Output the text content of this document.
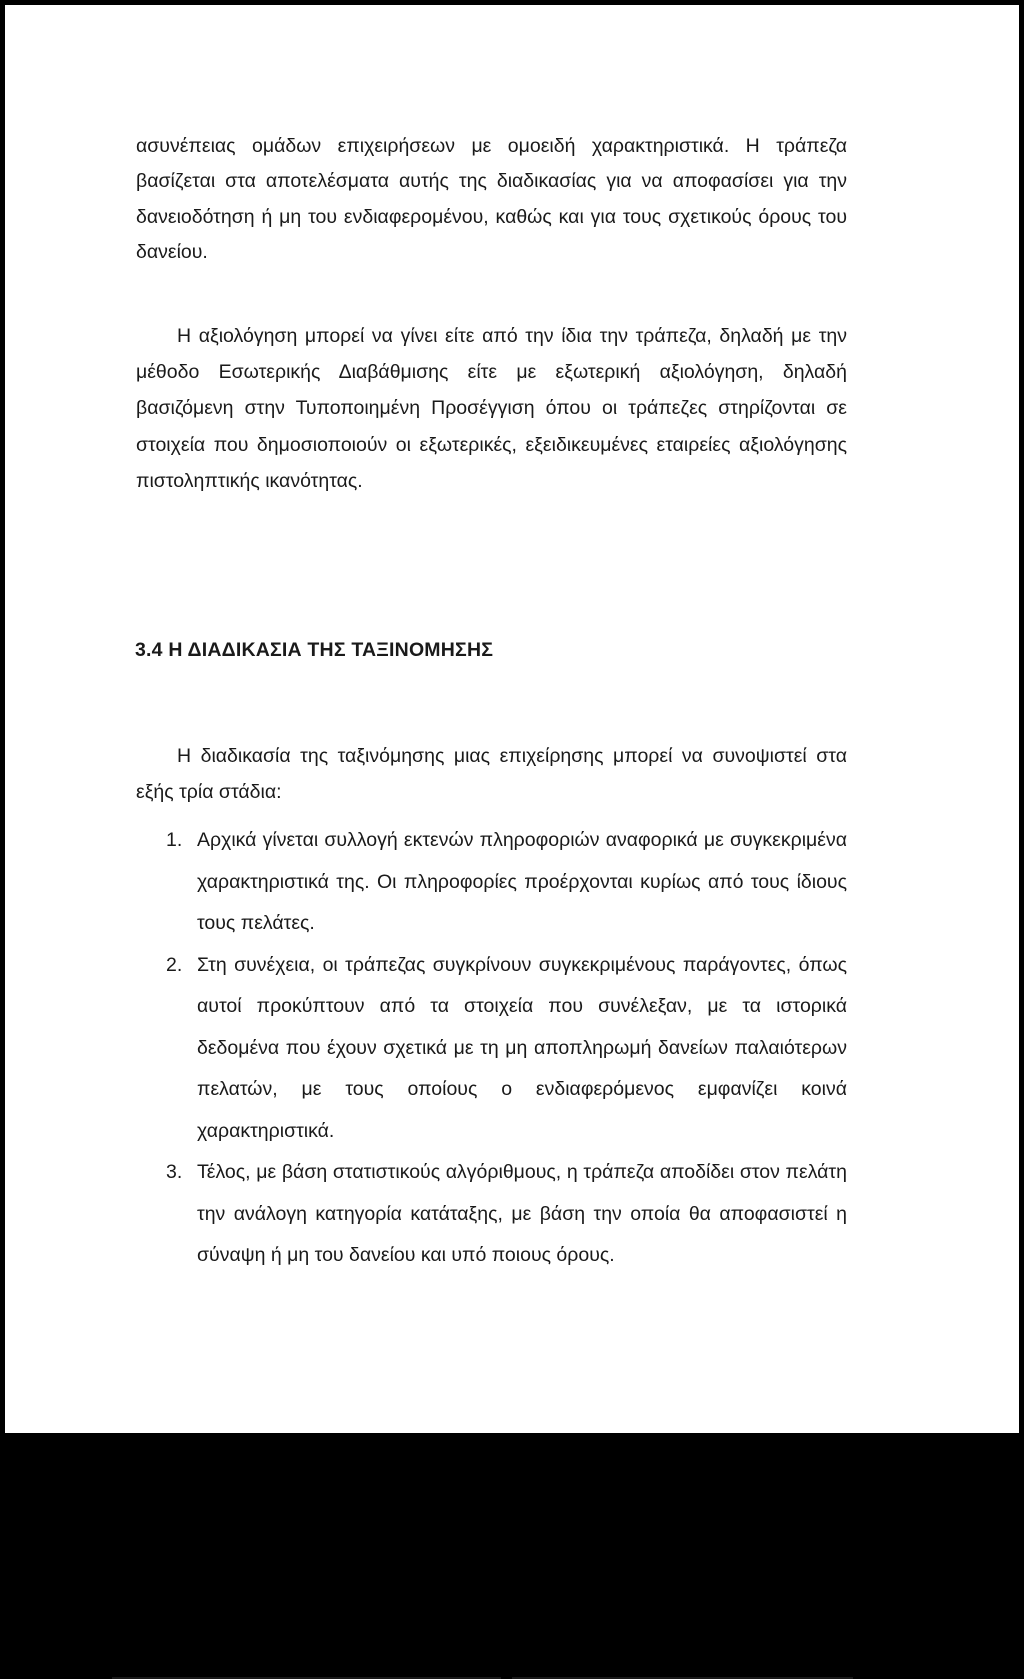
ασυνέπειας ομάδων επιχειρήσεων με ομοειδή χαρακτηριστικά. Η τράπεζα βασίζεται στα αποτελέσματα αυτής της διαδικασίας για να αποφασίσει για την δανειοδότηση ή μη του ενδιαφερομένου, καθώς και για τους σχετικούς όρους του δανείου.

Η αξιολόγηση μπορεί να γίνει είτε από την ίδια την τράπεζα, δηλαδή με την μέθοδο Εσωτερικής Διαβάθμισης είτε με εξωτερική αξιολόγηση, δηλαδή βασιζόμενη στην Τυποποιημένη Προσέγγιση όπου οι τράπεζες στηρίζονται σε στοιχεία που δημοσιοποιούν οι εξωτερικές, εξειδικευμένες εταιρείες αξιολόγησης πιστοληπτικής ικανότητας.

3.4 Η ΔΙΑΔΙΚΑΣΙΑ ΤΗΣ ΤΑΞΙΝΟΜΗΣΗΣ

Η διαδικασία της ταξινόμησης μιας επιχείρησης μπορεί να συνοψιστεί στα εξής τρία στάδια:

1. Αρχικά γίνεται συλλογή εκτενών πληροφοριών αναφορικά με συγκεκριμένα χαρακτηριστικά της. Οι πληροφορίες προέρχονται κυρίως από τους ίδιους τους πελάτες.
2. Στη συνέχεια, οι τράπεζας συγκρίνουν συγκεκριμένους παράγοντες, όπως αυτοί προκύπτουν από τα στοιχεία που συνέλεξαν, με τα ιστορικά δεδομένα που έχουν σχετικά με τη μη αποπληρωμή δανείων παλαιότερων πελατών, με τους οποίους ο ενδιαφερόμενος εμφανίζει κοινά χαρακτηριστικά.
3. Τέλος, με βάση στατιστικούς αλγόριθμους, η τράπεζα αποδίδει στον πελάτη την ανάλογη κατηγορία κατάταξης, με βάση την οποία θα αποφασιστεί η σύναψη ή μη του δανείου και υπό ποιους όρους.
